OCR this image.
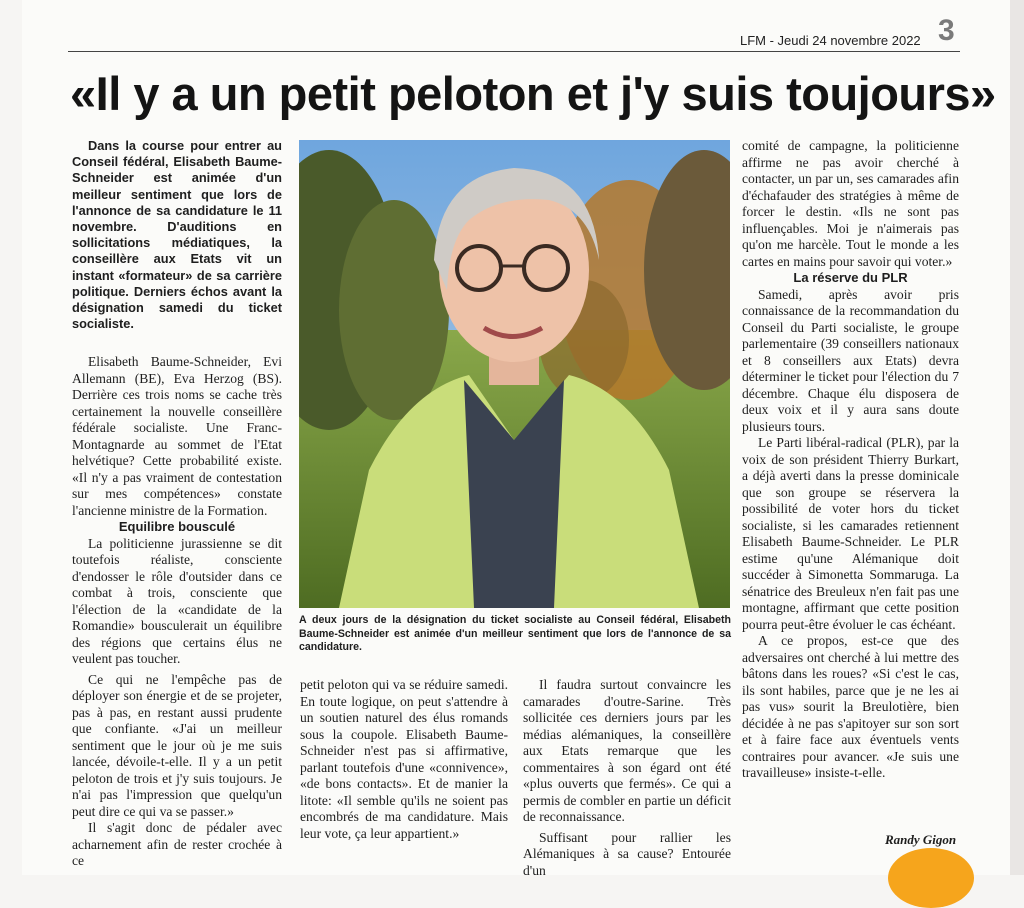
LFM - Jeudi 24 novembre 2022 3
«Il y a un petit peloton et j'y suis toujours»

Dans la course pour entrer au Conseil fédéral, Elisabeth Baume-Schneider est animée d'un meilleur sentiment que lors de l'annonce de sa candidature le 11 novembre. D'auditions en sollicitations médiatiques, la conseillère aux Etats vit un instant «formateur» de sa carrière politique. Derniers échos avant la désignation samedi du ticket socialiste.

Elisabeth Baume-Schneider, Evi Allemann (BE), Eva Herzog (BS). Derrière ces trois noms se cache très certainement la nouvelle conseillère fédérale socialiste. Une Franc-Montagnarde au sommet de l'Etat helvétique? Cette probabilité existe. «Il n'y a pas vraiment de contestation sur mes compétences» constate l'ancienne ministre de la Formation.

Equilibre bousculé

La politicienne jurassienne se dit toutefois réaliste, consciente d'endosser le rôle d'outsider dans ce combat à trois, consciente que l'élection de la «candidate de la Romandie» bousculerait un équilibre des régions que certains élus ne veulent pas toucher.

Ce qui ne l'empêche pas de déployer son énergie et de se projeter, pas à pas, en restant aussi prudente que confiante. «J'ai un meilleur sentiment que le jour où je me suis lancée, dévoile-t-elle. Il y a un petit peloton de trois et j'y suis toujours. Je n'ai pas l'impression que quelqu'un peut dire ce qui va se passer.»

Il s'agit donc de pédaler avec acharnement afin de rester crochée à ce

A deux jours de la désignation du ticket socialiste au Conseil fédéral, Elisabeth Baume-Schneider est animée d'un meilleur sentiment que lors de l'annonce de sa candidature.

petit peloton qui va se réduire samedi. En toute logique, on peut s'attendre à un soutien naturel des élus romands sous la coupole. Elisabeth Baume-Schneider n'est pas si affirmative, parlant toutefois d'une «connivence», «de bons contacts». Et de manier la litote: «Il semble qu'ils ne soient pas encombrés de ma candidature. Mais leur vote, ça leur appartient.»

Il faudra surtout convaincre les camarades d'outre-Sarine. Très sollicitée ces derniers jours par les médias alémaniques, la conseillère aux Etats remarque que les commentaires à son égard ont été «plus ouverts que fermés». Ce qui a permis de combler en partie un déficit de reconnaissance.

Suffisant pour rallier les Alémaniques à sa cause? Entourée d'un

comité de campagne, la politicienne affirme ne pas avoir cherché à contacter, un par un, ses camarades afin d'échafauder des stratégies à même de forcer le destin. «Ils ne sont pas influençables. Moi je n'aimerais pas qu'on me harcèle. Tout le monde a les cartes en mains pour savoir qui voter.»

La réserve du PLR

Samedi, après avoir pris connaissance de la recommandation du Conseil du Parti socialiste, le groupe parlementaire (39 conseillers nationaux et 8 conseillers aux Etats) devra déterminer le ticket pour l'élection du 7 décembre. Chaque élu disposera de deux voix et il y aura sans doute plusieurs tours.

Le Parti libéral-radical (PLR), par la voix de son président Thierry Burkart, a déjà averti dans la presse dominicale que son groupe se réservera la possibilité de voter hors du ticket socialiste, si les camarades retiennent Elisabeth Baume-Schneider. Le PLR estime qu'une Alémanique doit succéder à Simonetta Sommaruga. La sénatrice des Breuleux n'en fait pas une montagne, affirmant que cette position pourra peut-être évoluer le cas échéant.

A ce propos, est-ce que des adversaires ont cherché à lui mettre des bâtons dans les roues? «Si c'est le cas, ils sont habiles, parce que je ne les ai pas vus» sourit la Breulotière, bien décidée à ne pas s'apitoyer sur son sort et à faire face aux éventuels vents contraires pour avancer. «Je suis une travailleuse» insiste-t-elle.

Randy Gigon
